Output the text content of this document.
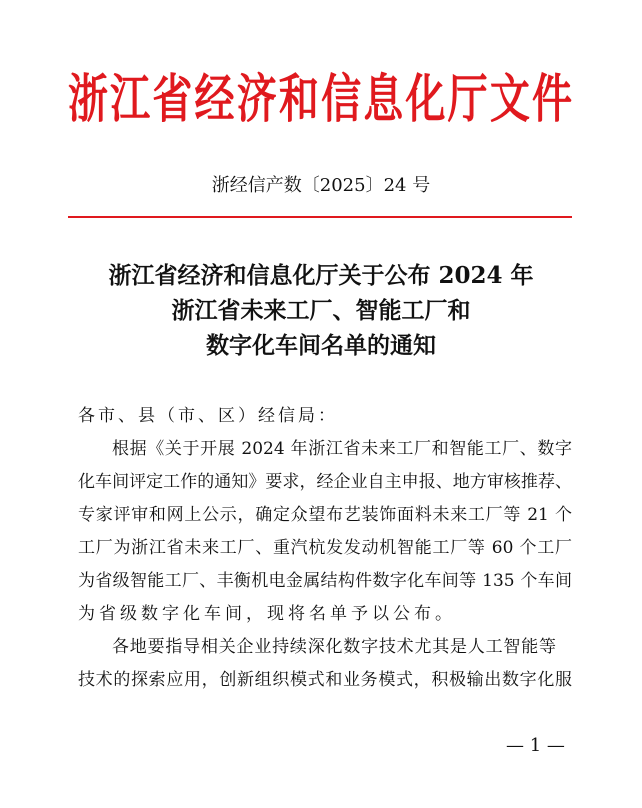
浙江省经济和信息化厅文件
浙经信产数〔2025〕24 号
浙江省经济和信息化厅关于公布 2024 年
浙江省未来工厂、智能工厂和
数字化车间名单的通知
各市、县（市、区）经信局：
根据《关于开展 2024 年浙江省未来工厂和智能工厂、数字
化车间评定工作的通知》要求，经企业自主申报、地方审核推荐、
专家评审和网上公示，确定众望布艺装饰面料未来工厂等 21 个
工厂为浙江省未来工厂、重汽杭发发动机智能工厂等 60 个工厂
为省级智能工厂、丰衡机电金属结构件数字化车间等 135 个车间
为省级数字化车间，现将名单予以公布。
各地要指导相关企业持续深化数字技术尤其是人工智能等
技术的探索应用，创新组织模式和业务模式，积极输出数字化服
— 1 —
